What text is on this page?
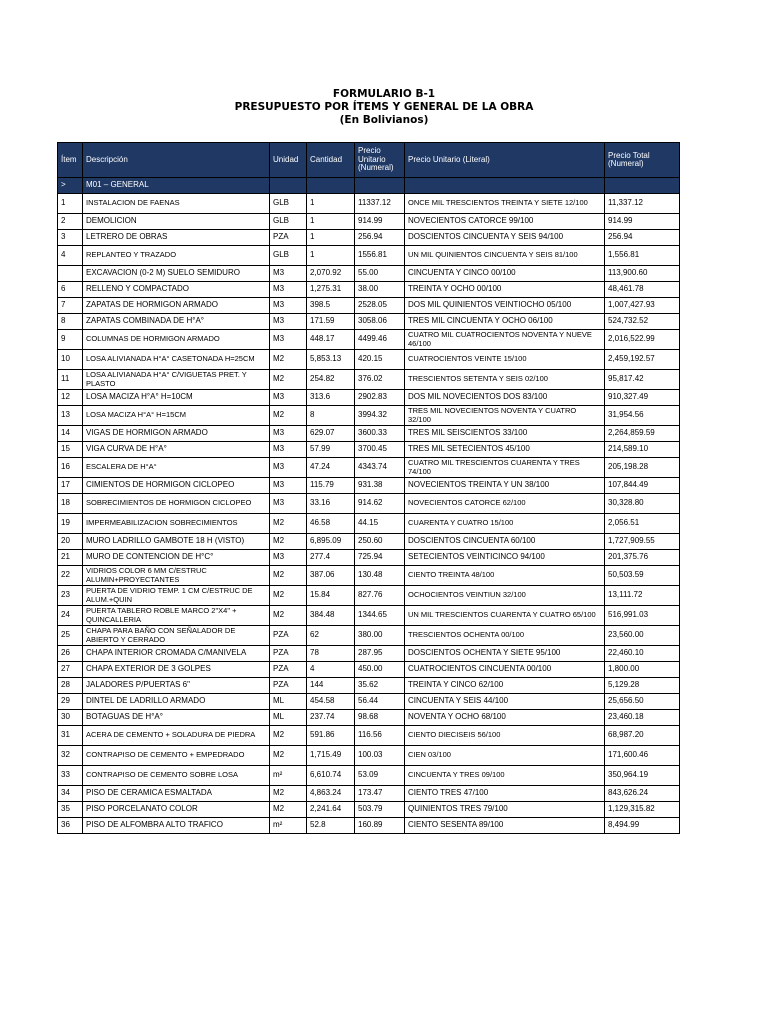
FORMULARIO B-1
PRESUPUESTO POR ÍTEMS Y GENERAL DE LA OBRA
(En Bolivianos)
Ítem	Descripción	Unidad	Cantidad	Precio Unitario (Numeral)	Precio Unitario (Literal)	Precio Total (Numeral)
>	M01 – GENERAL					
1	INSTALACION DE FAENAS	GLB	1	11337.12	ONCE MIL TRESCIENTOS TREINTA Y SIETE 12/100	11,337.12
2	DEMOLICION	GLB	1	914.99	NOVECIENTOS CATORCE 99/100	914.99
3	LETRERO DE OBRAS	PZA	1	256.94	DOSCIENTOS CINCUENTA Y SEIS 94/100	256.94
4	REPLANTEO Y TRAZADO	GLB	1	1556.81	UN MIL QUINIENTOS CINCUENTA Y SEIS 81/100	1,556.81
	EXCAVACION (0-2 M) SUELO SEMIDURO	M3	2,070.92	55.00	CINCUENTA Y CINCO 00/100	113,900.60
6	RELLENO Y COMPACTADO	M3	1,275.31	38.00	TREINTA Y OCHO 00/100	48,461.78
7	ZAPATAS DE HORMIGON ARMADO	M3	398.5	2528.05	DOS MIL QUINIENTOS VEINTIOCHO 05/100	1,007,427.93
8	ZAPATAS COMBINADA DE H°A°	M3	171.59	3058.06	TRES MIL CINCUENTA Y OCHO 06/100	524,732.52
9	COLUMNAS DE HORMIGON ARMADO	M3	448.17	4499.46	CUATRO MIL CUATROCIENTOS NOVENTA Y NUEVE 46/100	2,016,522.99
10	LOSA ALIVIANADA H°A° CASETONADA H=25CM	M2	5,853.13	420.15	CUATROCIENTOS VEINTE 15/100	2,459,192.57
11	LOSA ALIVIANADA H°A° C/VIGUETAS PRET. Y PLASTO	M2	254.82	376.02	TRESCIENTOS SETENTA Y SEIS 02/100	95,817.42
12	LOSA MACIZA H°A° H=10CM	M3	313.6	2902.83	DOS MIL NOVECIENTOS DOS 83/100	910,327.49
13	LOSA MACIZA H°A° H=15CM	M2	8	3994.32	TRES MIL NOVECIENTOS NOVENTA Y CUATRO 32/100	31,954.56
14	VIGAS DE HORMIGON ARMADO	M3	629.07	3600.33	TRES MIL SEISCIENTOS 33/100	2,264,859.59
15	VIGA CURVA DE H°A°	M3	57.99	3700.45	TRES MIL SETECIENTOS 45/100	214,589.10
16	ESCALERA DE H°A°	M3	47.24	4343.74	CUATRO MIL TRESCIENTOS CUARENTA Y TRES 74/100	205,198.28
17	CIMIENTOS DE HORMIGON CICLOPEO	M3	115.79	931.38	NOVECIENTOS TREINTA Y UN 38/100	107,844.49
18	SOBRECIMIENTOS DE HORMIGON CICLOPEO	M3	33.16	914.62	NOVECIENTOS CATORCE 62/100	30,328.80
19	IMPERMEABILIZACION SOBRECIMIENTOS	M2	46.58	44.15	CUARENTA Y CUATRO 15/100	2,056.51
20	MURO LADRILLO GAMBOTE 18 H (VISTO)	M2	6,895.09	250.60	DOSCIENTOS CINCUENTA 60/100	1,727,909.55
21	MURO DE CONTENCION DE H°C°	M3	277.4	725.94	SETECIENTOS VEINTICINCO 94/100	201,375.76
22	VIDRIOS COLOR 6 MM C/ESTRUC ALUMIN+PROYECTANTES	M2	387.06	130.48	CIENTO TREINTA 48/100	50,503.59
23	PUERTA DE VIDRIO TEMP. 1 CM C/ESTRUC DE ALUM.+QUIN	M2	15.84	827.76	OCHOCIENTOS VEINTIUN 32/100	13,111.72
24	PUERTA TABLERO ROBLE MARCO 2"X4" + QUINCALLERIA	M2	384.48	1344.65	UN MIL TRESCIENTOS CUARENTA Y CUATRO 65/100	516,991.03
25	CHAPA PARA BAÑO CON SEÑALADOR DE ABIERTO Y CERRADO	PZA	62	380.00	TRESCIENTOS OCHENTA 00/100	23,560.00
26	CHAPA INTERIOR CROMADA C/MANIVELA	PZA	78	287.95	DOSCIENTOS OCHENTA Y SIETE 95/100	22,460.10
27	CHAPA EXTERIOR DE 3 GOLPES	PZA	4	450.00	CUATROCIENTOS CINCUENTA 00/100	1,800.00
28	JALADORES P/PUERTAS 6"	PZA	144	35.62	TREINTA Y CINCO 62/100	5,129.28
29	DINTEL DE LADRILLO ARMADO	ML	454.58	56.44	CINCUENTA Y SEIS 44/100	25,656.50
30	BOTAGUAS DE H°A°	ML	237.74	98.68	NOVENTA Y OCHO 68/100	23,460.18
31	ACERA DE CEMENTO + SOLADURA DE PIEDRA	M2	591.86	116.56	CIENTO DIECISEIS 56/100	68,987.20
32	CONTRAPISO DE CEMENTO + EMPEDRADO	M2	1,715.49	100.03	CIEN 03/100	171,600.46
33	CONTRAPISO DE CEMENTO SOBRE LOSA	m²	6,610.74	53.09	CINCUENTA Y TRES 09/100	350,964.19
34	PISO DE CERAMICA ESMALTADA	M2	4,863.24	173.47	CIENTO TRES 47/100	843,626.24
35	PISO PORCELANATO COLOR	M2	2,241.64	503.79	QUINIENTOS TRES 79/100	1,129,315.82
36	PISO DE ALFOMBRA ALTO TRAFICO	m²	52.8	160.89	CIENTO SESENTA 89/100	8,494.99
